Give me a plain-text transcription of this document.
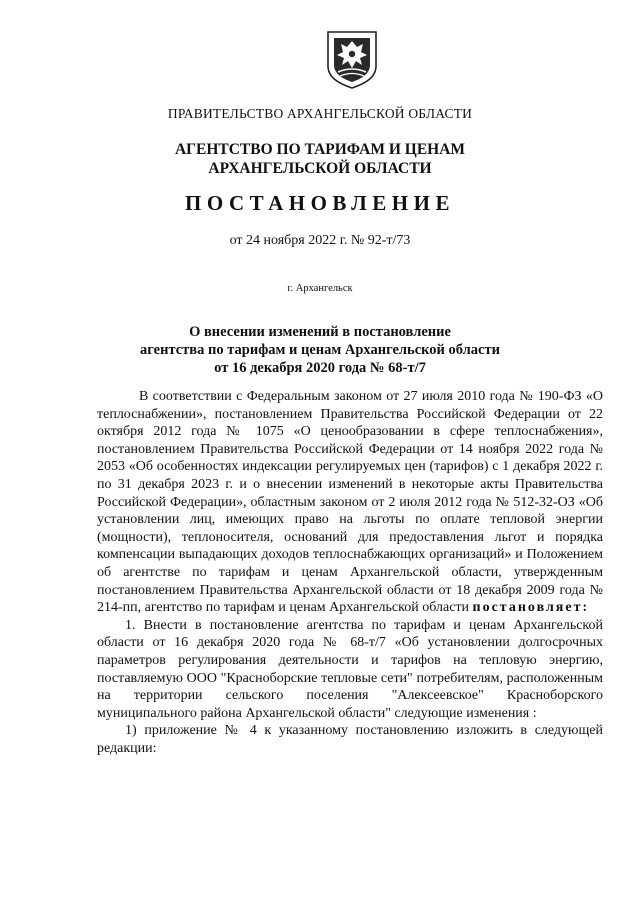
ПРАВИТЕЛЬСТВО АРХАНГЕЛЬСКОЙ ОБЛАСТИ
АГЕНТСТВО ПО ТАРИФАМ И ЦЕНАМ
АРХАНГЕЛЬСКОЙ ОБЛАСТИ
ПОСТАНОВЛЕНИЕ
от 24 ноября 2022 г. № 92-т/73
г. Архангельск
О внесении изменений в постановление
агентства по тарифам и ценам Архангельской области
от 16 декабря 2020 года № 68-т/7

В соответствии с Федеральным законом от 27 июля 2010 года № 190-ФЗ «О теплоснабжении», постановлением Правительства Российской Федерации от 22 октября 2012 года № 1075 «О ценообразовании в сфере теплоснабжения», постановлением Правительства Российской Федерации от 14 ноября 2022 года № 2053 «Об особенностях индексации регулируемых цен (тарифов) с 1 декабря 2022 г. по 31 декабря 2023 г. и о внесении изменений в некоторые акты Правительства Российской Федерации», областным законом от 2 июля 2012 года № 512-32-ОЗ «Об установлении лиц, имеющих право на льготы по оплате тепловой энергии (мощности), теплоносителя, оснований для предоставления льгот и порядка компенсации выпадающих доходов теплоснабжающих организаций» и Положением об агентстве по тарифам и ценам Архангельской области, утвержденным постановлением Правительства Архангельской области от 18 декабря 2009 года № 214-пп, агентство по тарифам и ценам Архангельской области постановляет:

1. Внести в постановление агентства по тарифам и ценам Архангельской области от 16 декабря 2020 года № 68-т/7 «Об установлении долгосрочных параметров регулирования деятельности и тарифов на тепловую энергию, поставляемую ООО "Красноборские тепловые сети" потребителям, расположенным на территории сельского поселения "Алексеевское" Красноборского муниципального района Архангельской области" следующие изменения :

1) приложение № 4 к указанному постановлению изложить в следующей редакции:
